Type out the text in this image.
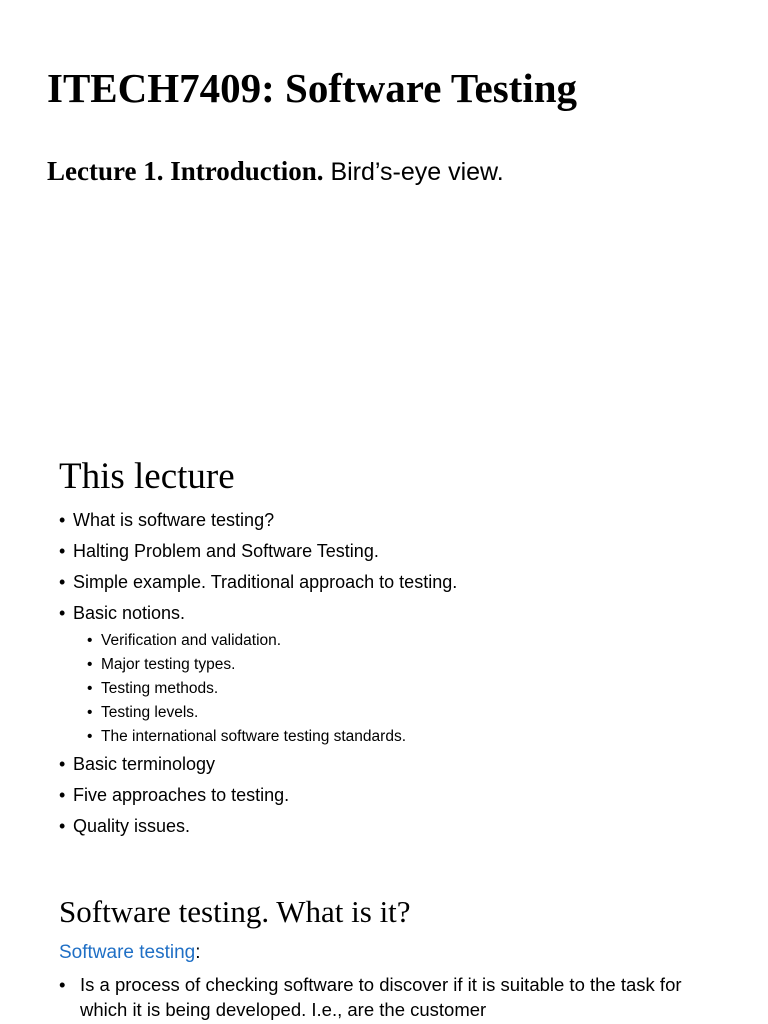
ITECH7409: Software Testing

Lecture 1. Introduction. Bird’s-eye view.

This lecture
• What is software testing?
• Halting Problem and Software Testing.
• Simple example. Traditional approach to testing.
• Basic notions.
• Verification and validation.
• Major testing types.
• Testing methods.
• Testing levels.
• The international software testing standards.
• Basic terminology
• Five approaches to testing.
• Quality issues.
Software testing. What is it?

Software testing:

• Is a process of checking software to discover if it is suitable to the task for which it is being developed. I.e., are the customer
